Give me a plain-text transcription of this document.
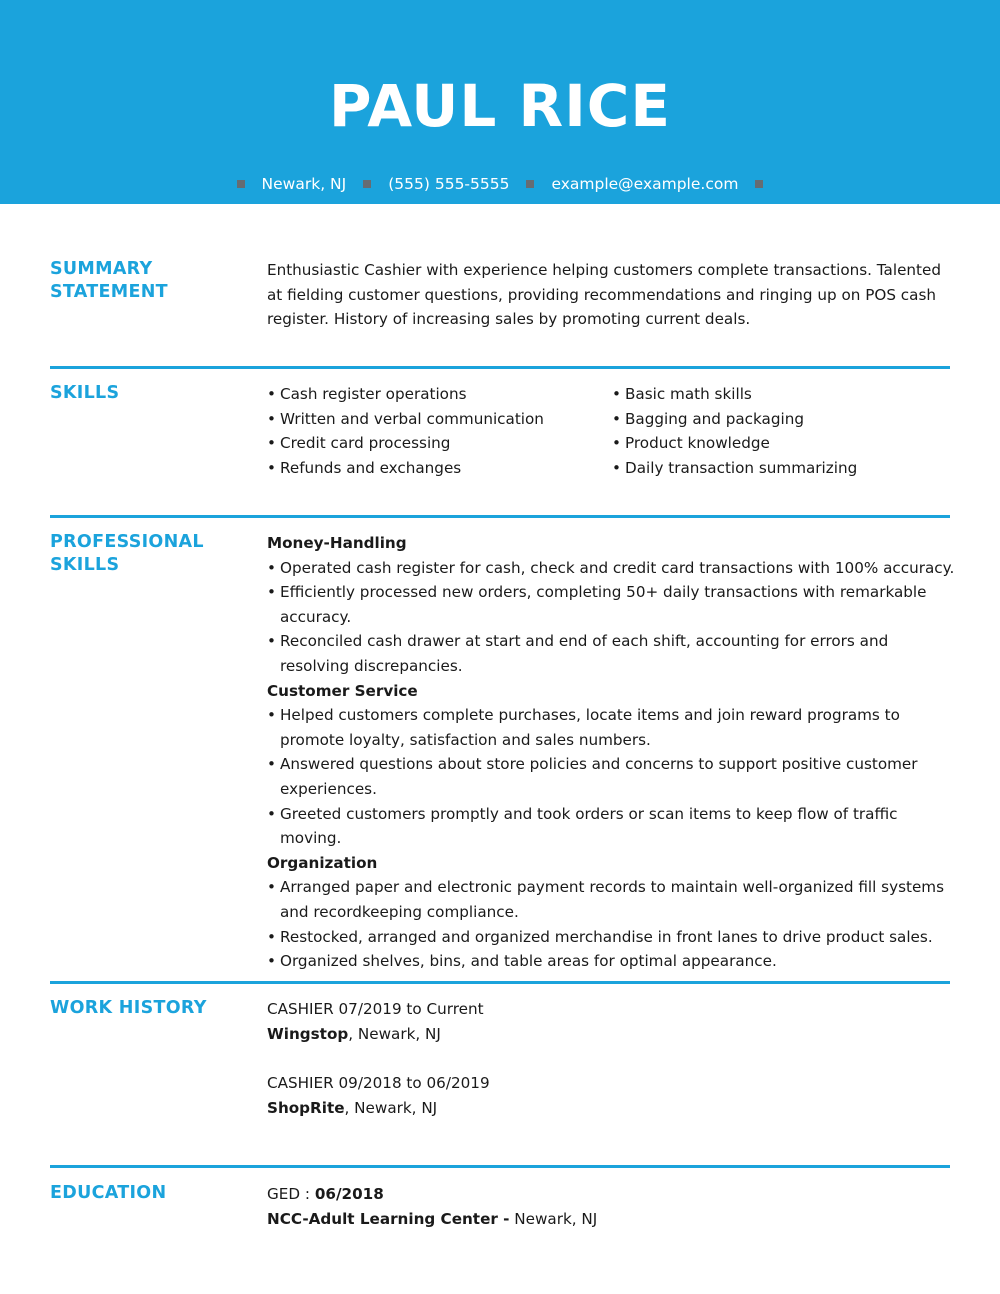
PAUL RICE
Newark, NJ	(555) 555-5555	example@example.com
SUMMARY
STATEMENT

Enthusiastic Cashier with experience helping customers complete transactions. Talented at fielding customer questions, providing recommendations and ringing up on POS cash register. History of increasing sales by promoting current deals.

SKILLS
•	Cash register operations
• Written and verbal communication
• Credit card processing
• Refunds and exchanges
• Basic math skills
• Bagging and packaging
• Product knowledge
• Daily transaction summarizing
PROFESSIONAL
SKILLS
Money-Handling
• Operated cash register for cash, check and credit card transactions with 100% accuracy.
• Efficiently processed new orders, completing 50+ daily transactions with remarkable accuracy.
• Reconciled cash drawer at start and end of each shift, accounting for errors and resolving discrepancies.
Customer Service
• Helped customers complete purchases, locate items and join reward programs to promote loyalty, satisfaction and sales numbers.
• Answered questions about store policies and concerns to support positive customer experiences.
• Greeted customers promptly and took orders or scan items to keep flow of traffic moving.
Organization
• Arranged paper and electronic payment records to maintain well-organized fill systems and recordkeeping compliance.
• Restocked, arranged and organized merchandise in front lanes to drive product sales.
• Organized shelves, bins, and table areas for optimal appearance.
WORK HISTORY	CASHIER 07/2019 to Current
Wingstop, Newark, NJ
CASHIER 09/2018 to 06/2019
ShopRite, Newark, NJ
EDUCATION	GED : 06/2018
NCC-Adult Learning Center - Newark, NJ
